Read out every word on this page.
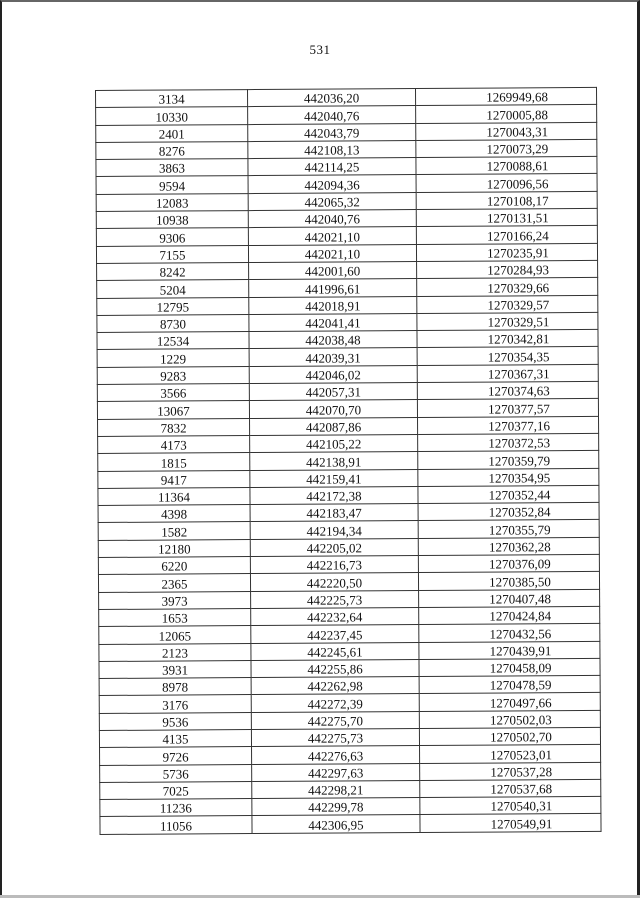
531
3134	442036,20	1269949,68
10330	442040,76	1270005,88
2401	442043,79	1270043,31
8276	442108,13	1270073,29
3863	442114,25	1270088,61
9594	442094,36	1270096,56
12083	442065,32	1270108,17
10938	442040,76	1270131,51
9306	442021,10	1270166,24
7155	442021,10	1270235,91
8242	442001,60	1270284,93
5204	441996,61	1270329,66
12795	442018,91	1270329,57
8730	442041,41	1270329,51
12534	442038,48	1270342,81
1229	442039,31	1270354,35
9283	442046,02	1270367,31
3566	442057,31	1270374,63
13067	442070,70	1270377,57
7832	442087,86	1270377,16
4173	442105,22	1270372,53
1815	442138,91	1270359,79
9417	442159,41	1270354,95
11364	442172,38	1270352,44
4398	442183,47	1270352,84
1582	442194,34	1270355,79
12180	442205,02	1270362,28
6220	442216,73	1270376,09
2365	442220,50	1270385,50
3973	442225,73	1270407,48
1653	442232,64	1270424,84
12065	442237,45	1270432,56
2123	442245,61	1270439,91
3931	442255,86	1270458,09
8978	442262,98	1270478,59
3176	442272,39	1270497,66
9536	442275,70	1270502,03
4135	442275,73	1270502,70
9726	442276,63	1270523,01
5736	442297,63	1270537,28
7025	442298,21	1270537,68
11236	442299,78	1270540,31
11056	442306,95	1270549,91
